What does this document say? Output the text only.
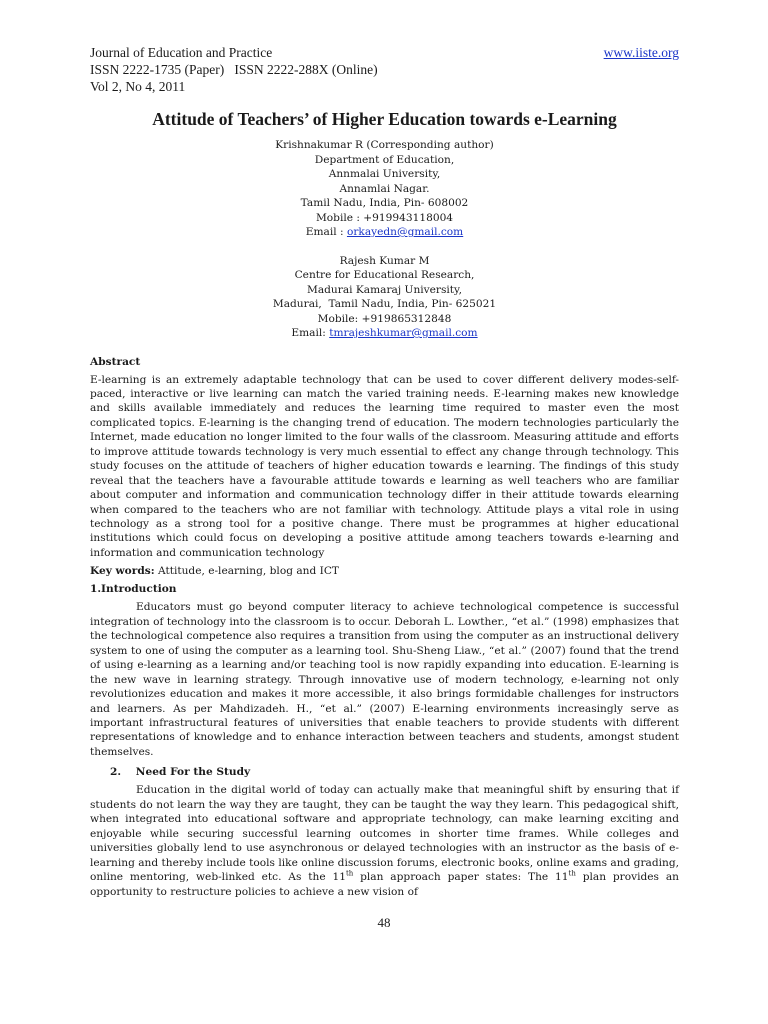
Journal of Education and Practice	www.iiste.org
ISSN 2222-1735 (Paper)   ISSN 2222-288X (Online)
Vol 2, No 4, 2011
Attitude of Teachers’ of Higher Education towards e-Learning
Krishnakumar R (Corresponding author)
Department of Education,
Annmalai University,
Annamlai Nagar.
Tamil Nadu, India, Pin- 608002
Mobile : +919943118004
Email : orkayedn@gmail.com
Rajesh Kumar M
Centre for Educational Research,
Madurai Kamaraj University,
Madurai,  Tamil Nadu, India, Pin- 625021
Mobile: +919865312848
Email: tmrajeshkumar@gmail.com
Abstract

E-learning is an extremely adaptable technology that can be used to cover different delivery modes-self-paced, interactive or live learning can match the varied training needs. E-learning makes new knowledge and skills available immediately and reduces the learning time required to master even the most complicated topics. E-learning is the changing trend of education. The modern technologies particularly the Internet, made education no longer limited to the four walls of the classroom. Measuring attitude and efforts to improve attitude towards technology is very much essential to effect any change through technology. This study focuses on the attitude of teachers of higher education towards e learning. The findings of this study reveal that the teachers have a favourable attitude towards e learning as well teachers who are familiar about computer and information and communication technology differ in their attitude towards elearning when compared to the teachers who are not familiar with technology. Attitude plays a vital role in using technology as a strong tool for a positive change. There must be programmes at higher educational institutions which could focus on developing a positive attitude among teachers towards e-learning and information and communication technology

Key words: Attitude, e-learning, blog and ICT
1.Introduction

Educators must go beyond computer literacy to achieve technological competence is successful integration of technology into the classroom is to occur. Deborah L. Lowther., “et al.” (1998) emphasizes that the technological competence also requires a transition from using the computer as an instructional delivery system to one of using the computer as a learning tool. Shu-Sheng Liaw., “et al.” (2007) found that the trend of using e-learning as a learning and/or teaching tool is now rapidly expanding into education. E-learning is the new wave in learning strategy. Through innovative use of modern technology, e-learning not only revolutionizes education and makes it more accessible, it also brings formidable challenges for instructors and learners. As per Mahdizadeh. H., “et al.” (2007) E-learning environments increasingly serve as important infrastructural features of universities that enable teachers to provide students with different representations of knowledge and to enhance interaction between teachers and students, amongst student themselves.

2.    Need For the Study

Education in the digital world of today can actually make that meaningful shift by ensuring that if students do not learn the way they are taught, they can be taught the way they learn. This pedagogical shift, when integrated into educational software and appropriate technology, can make learning exciting and enjoyable while securing successful learning outcomes in shorter time frames. While colleges and universities globally lend to use asynchronous or delayed technologies with an instructor as the basis of e-learning and thereby include tools like online discussion forums, electronic books, online exams and grading, online mentoring, web-linked etc. As the 11th plan approach paper states: The 11th plan provides an opportunity to restructure policies to achieve a new vision of

48
